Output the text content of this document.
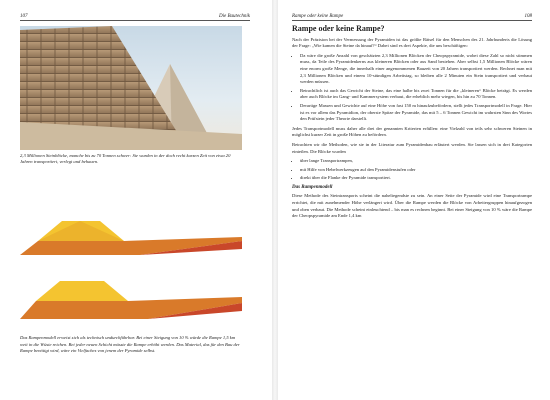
107	Die Bautechnik
2,3 Millionen Steinblöcke, manche bis zu 70 Tonnen schwer: Sie wurden in der doch recht kurzen Zeit von etwa 20 Jahren transportiert, verlegt und behauen.
Das Rampenmodell erweist sich als technisch undurchführbar. Bei einer Steigung von 10 % würde die Rampe 1,5 km weit in die Wüste reichen. Bei jeder neuen Schicht müsste die Rampe erhöht werden. Das Material, das für den Bau der Rampe benötigt wird, wäre ein Vielfaches von jenem der Pyramide selbst.
Rampe oder keine Rampe	108
Rampe oder keine Rampe?

Nach der Präzision bei der Vermessung der Pyramiden ist das größte Rätsel für den Menschen des 21. Jahrhunderts die Lösung der Frage: „Wie kamen die Steine da hinauf?“ Dabei sind es drei Aspekte, die uns beschäftigen:

• Da wäre die große Anzahl von geschätzten 2,3 Millionen Blöcken der Cheopspyramide, wobei diese Zahl so nicht stimmen muss, da Teile des Pyramidenkerns aus kleineren Blöcken oder aus Sand bestehen. Aber selbst 1,5 Millionen Blöcke wären eine enorm große Menge, die innerhalb einer angenommenen Bauzeit von 20 Jahren transportiert werden. Rechnet man mit 2,3 Millionen Blöcken und einem 10-stündigen Arbeitstag, so bleiben alle 2 Minuten ein Stein transportiert und verbaut werden müssen.
• Betrachtlich ist auch das Gewicht der Steine, das eine halbe bis zwei Tonnen für die „kleineren“ Blöcke beträgt. Es werden aber auch Blöcke im Gang- und Kammersystem verbaut, die erheblich mehr wiegen, bis hin zu 70 Tonnen.
• Derartige Massen und Gewichte auf eine Höhe von fast 150 m hinaufzubefördern, stellt jedes Transportmodell in Frage. Hier ist es vor allem das Pyramidion, der oberste Spitze der Pyramide, das mit 5 – 6 Tonnen Gewicht im wahrsten Sinn des Wortes den Prüfstein jeder Theorie darstellt.

Jedes Transportmodell muss daher alle drei der genannten Kriterien erfüllen: eine Vielzahl von teils sehr schweren Steinen in möglichst kurzer Zeit in große Höhen zu befördern.

Betrachten wir die Methoden, wie sie in der Literatur zum Pyramidenbau erläutert werden. Sie lassen sich in drei Kategorien einteilen. Die Blöcke wurden

• über lange Transportrampen,
• mit Hilfe von Hebelwerkzeugen auf den Pyramidenstufen oder
• direkt über die Flanke der Pyramide transportiert.
Das Rampenmodell

Diese Methode des Steintransports scheint die naheliegendste zu sein. An einer Seite der Pyramide wird eine Transportrampe errichtet, die mit zunehmender Höhe verlängert wird. Über die Rampe werden die Blöcke von Arbeitergruppen hinaufgezogen und oben verbaut. Die Methode scheint einleuchtend – bis man es rechnen beginnt. Bei einer Steigung von 10 % wäre die Rampe der Cheopspyramide am Ende 1,4 km
